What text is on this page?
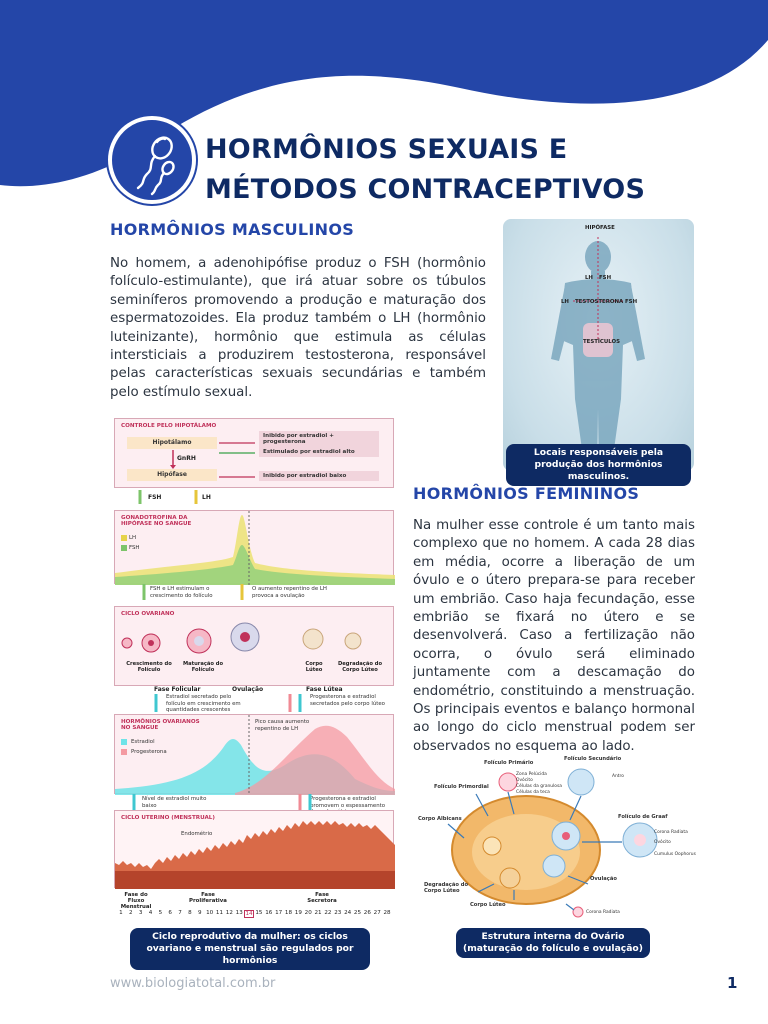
HORMÔNIOS SEXUAIS E
MÉTODOS CONTRACEPTIVOS
HORMÔNIOS MASCULINOS

No homem, a adenohipófise produz o FSH (hormônio folículo-estimulante), que irá atuar sobre os túbulos seminíferos promovendo a produção e maturação dos espermatozoides. Ela produz também o LH (hormônio luteinizante), hormônio que estimula as células intersticiais a produzirem testosterona, responsável pelas características sexuais secundárias e também pelo estímulo sexual.

HIPÓFASE
LH FSH
LH TESTOSTERONA FSH
TESTÍCULOS
Locais responsáveis pela produção dos hormônios masculinos.
HORMÔNIOS FEMININOS

Na mulher esse controle é um tanto mais complexo que no homem. A cada 28 dias em média, ocorre a liberação de um óvulo e o útero prepara-se para receber um embrião. Caso haja fecundação, esse embrião se fixará no útero e se desenvolverá. Caso a fertilização não ocorra, o óvulo será eliminado juntamente com a descamação do endométrio, constituindo a menstruação. Os principais eventos e balanço hormonal ao longo do ciclo menstrual podem ser observados no esquema ao lado.

CONTROLE PELO HIPOTÁLAMO
Hipotálamo
GnRH
Hipófase
Inibido por estradiol + progesterona
Estimulado por estradiol alto
Inibido por estradiol baixo
FSH	LH
GONADOTROFINA DA HIPÓFASE NO SANGUE
LH
FSH
FSH e LH estimulam o crescimento do folículo
O aumento repentino de LH provoca a ovulação
CICLO OVARIANO
Crescimento do Folículo
Maturação do Folículo
Corpo Lúteo
Degradação do Corpo Lúteo
Fase Folicular	Ovulação	Fase Lútea
Estradiol secretado pelo folículo em crescimento em quantidades crescentes
Progesterona e estradiol secretados pelo corpo lúteo
HORMÔNIOS OVARIANOS NO SANGUE
Estradiol
Progesterona
Pico causa aumento repentino de LH
Nível de estradiol muito baixo
Progesterona e estradiol promovem o espessamento
CICLO UTERINO (MENSTRUAL)
Endométrio
Fase do Fluxo Menstrual
Fase Proliferativa
Fase Secretora
1	2	3	4	5	6	7	8	9 10 11 12 13 14 15 16 17 18 19 20 21 22 23 24 25 26 27 28
Ciclo reprodutivo da mulher: os ciclos ovariano e menstrual são regulados por hormônios
Folículo Primário
Folículo Secundário
Zona Pelúcida
Ovócito
Células da granulosa
Células da teca
Antro
Folículo Primordial
Corpo Albicans	Folículo de Graaf
Corona Radiata
Ovócito
Cumulus Oophorus
Ovulação
Degradação do Corpo Lúteo
Corpo Lúteo
Corona Radiata
Estrutura interna do Ovário (maturação do folículo e ovulação)
www.biologiatotal.com.br	1
